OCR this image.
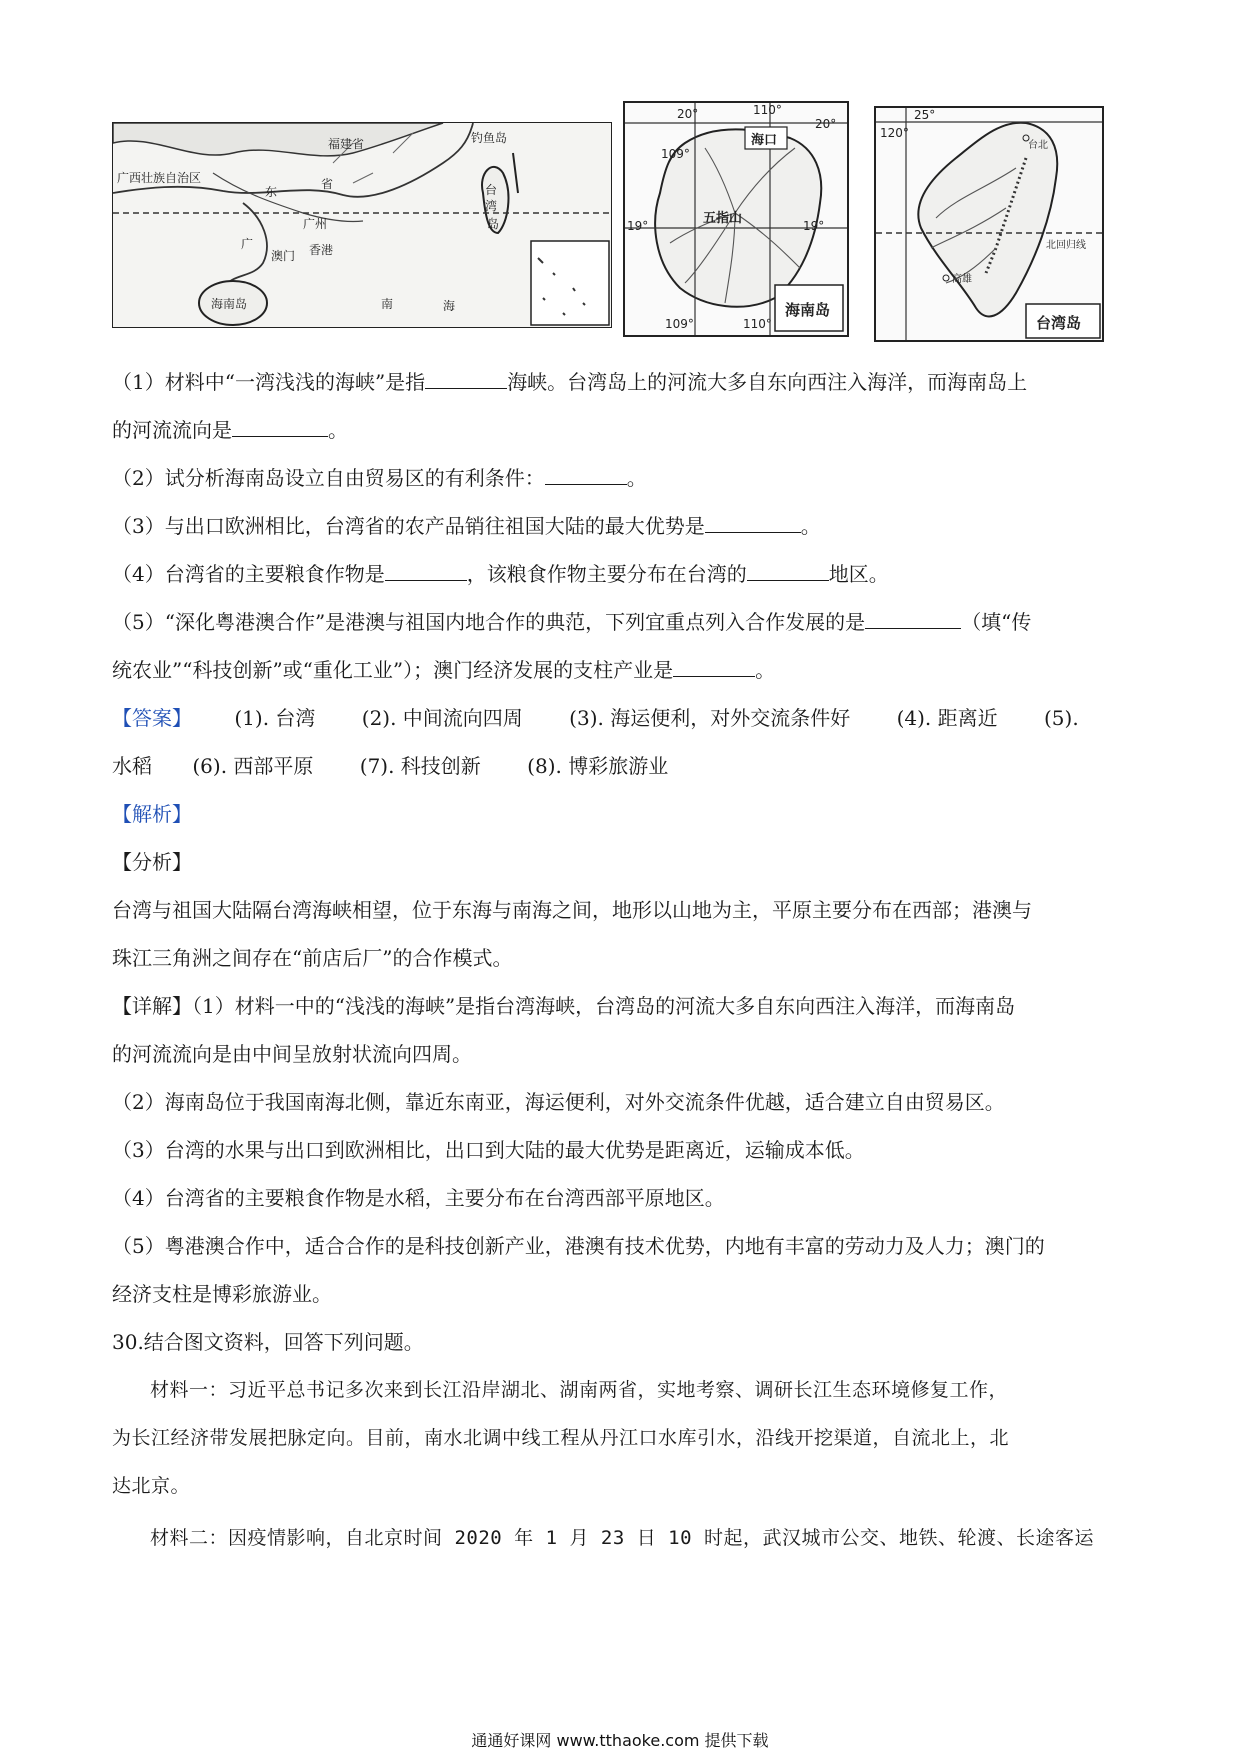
福建省	钓鱼岛
广西壮族自治区
东
省	台
湾
岛
广州
广
澳门 香港
海南岛	南	海
20°	110°
海口
20°
109°
五指山
19°	19°
109°	110°
海南岛
25°
120°
台北
北回归线
高雄
台湾岛
（1）材料中“一湾浅浅的海峡”是指	海峡。台湾岛上的河流大多自东向西注入海洋，而海南岛上
的河流流向是	。
（2）试分析海南岛设立自由贸易区的有利条件：	。
（3）与出口欧洲相比，台湾省的农产品销往祖国大陆的最大优势是	。
（4）台湾省的主要粮食作物是	，该粮食作物主要分布在台湾的	地区。
（5）“深化粤港澳合作”是港澳与祖国内地合作的典范，下列宜重点列入合作发展的是	（填“传
统农业”“科技创新”或“重化工业”）；澳门经济发展的支柱产业是	。
【答案】 (1). 台湾 (2). 中间流向四周 (3). 海运便利，对外交流条件好 (4). 距离近 (5).
水稻 (6). 西部平原 (7). 科技创新 (8). 博彩旅游业
【解析】
【分析】
台湾与祖国大陆隔台湾海峡相望，位于东海与南海之间，地形以山地为主，平原主要分布在西部；港澳与
珠江三角洲之间存在“前店后厂”的合作模式。
【详解】（1）材料一中的“浅浅的海峡”是指台湾海峡，台湾岛的河流大多自东向西注入海洋，而海南岛
的河流流向是由中间呈放射状流向四周。
（2）海南岛位于我国南海北侧，靠近东南亚，海运便利，对外交流条件优越，适合建立自由贸易区。
（3）台湾的水果与出口到欧洲相比，出口到大陆的最大优势是距离近，运输成本低。
（4）台湾省的主要粮食作物是水稻，主要分布在台湾西部平原地区。
（5）粤港澳合作中，适合合作的是科技创新产业，港澳有技术优势，内地有丰富的劳动力及人力；澳门的
经济支柱是博彩旅游业。
30.结合图文资料，回答下列问题。
材料一：习近平总书记多次来到长江沿岸湖北、湖南两省，实地考察、调研长江生态环境修复工作，
为长江经济带发展把脉定向。目前，南水北调中线工程从丹江口水库引水，沿线开挖渠道，自流北上，北
达北京。
材料二：因疫情影响，自北京时间 2020 年 1 月 23 日 10 时起，武汉城市公交、地铁、轮渡、长途客运
通通好课网 www.tthaoke.com 提供下载
